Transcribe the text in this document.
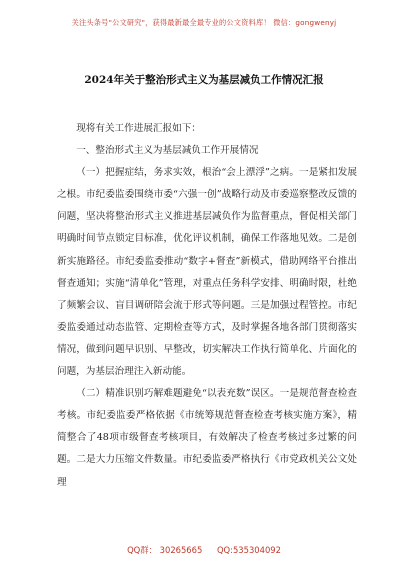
关注头条号"公文研究"，获得最新最全最专业的公文资料库！ 微信：gongwenyj
2024年关于整治形式主义为基层减负工作情况汇报

现将有关工作进展汇报如下：

一、整治形式主义为基层减负工作开展情况

（一）把握症结，务求实效，根治“会上漂浮”之病。一是紧扣发展之根。市纪委监委围绕市委“六强一创”战略行动及市委巡察整改反馈的问题，坚决将整治形式主义推进基层减负作为监督重点，督促相关部门明确时间节点锁定目标准，优化评议机制，确保工作落地见效。二是创新实施路径。市纪委监委推动“数字+督查”新模式，借助网络平台推出督查通知；实施“清单化”管理，对重点任务科学安排、明确时限，杜绝了频繁会议、盲目调研陪会流于形式等问题。三是加强过程管控。市纪委监委通过动态监管、定期检查等方式，及时掌握各地各部门贯彻落实情况，做到问题早识别、早整改，切实解决工作执行简单化、片面化的问题，为基层治理注入新动能。

（二）精准识别巧解难题避免“以表充数”误区。一是规范督查检查考核。市纪委监委严格依据《市统筹规范督查检查考核实施方案》，精简整合了48项市级督查考核项目，有效解决了检查考核过多过繁的问题。二是大力压缩文件数量。市纪委监委严格执行《市党政机关公文处理

QQ群： 30265665 QQ:535304092
